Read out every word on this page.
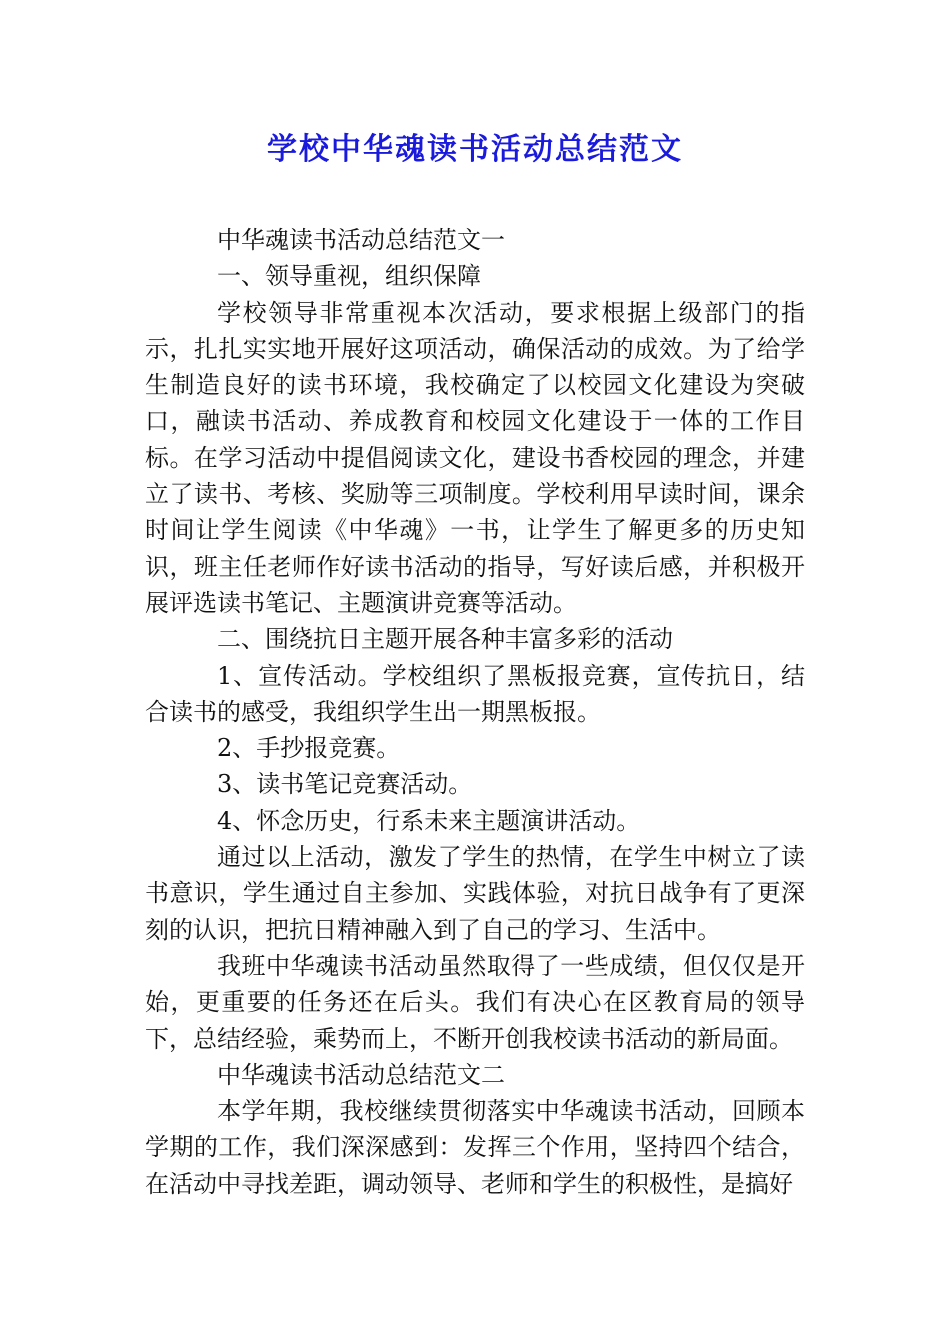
学校中华魂读书活动总结范文

中华魂读书活动总结范文一

一、领导重视，组织保障

学校领导非常重视本次活动，要求根据上级部门的指示，扎扎实实地开展好这项活动，确保活动的成效。为了给学生制造良好的读书环境，我校确定了以校园文化建设为突破口，融读书活动、养成教育和校园文化建设于一体的工作目标。在学习活动中提倡阅读文化，建设书香校园的理念，并建立了读书、考核、奖励等三项制度。学校利用早读时间，课余时间让学生阅读《中华魂》一书，让学生了解更多的历史知识，班主任老师作好读书活动的指导，写好读后感，并积极开展评选读书笔记、主题演讲竞赛等活动。

二、围绕抗日主题开展各种丰富多彩的活动

1、宣传活动。学校组织了黑板报竞赛，宣传抗日，结合读书的感受，我组织学生出一期黑板报。

2、手抄报竞赛。

3、读书笔记竞赛活动。

4、怀念历史，行系未来主题演讲活动。

通过以上活动，激发了学生的热情，在学生中树立了读书意识，学生通过自主参加、实践体验，对抗日战争有了更深刻的认识，把抗日精神融入到了自己的学习、生活中。

我班中华魂读书活动虽然取得了一些成绩，但仅仅是开始，更重要的任务还在后头。我们有决心在区教育局的领导下，总结经验，乘势而上，不断开创我校读书活动的新局面。

中华魂读书活动总结范文二

本学年期，我校继续贯彻落实中华魂读书活动，回顾本学期的工作，我们深深感到：发挥三个作用，坚持四个结合，在活动中寻找差距，调动领导、老师和学生的积极性，是搞好
